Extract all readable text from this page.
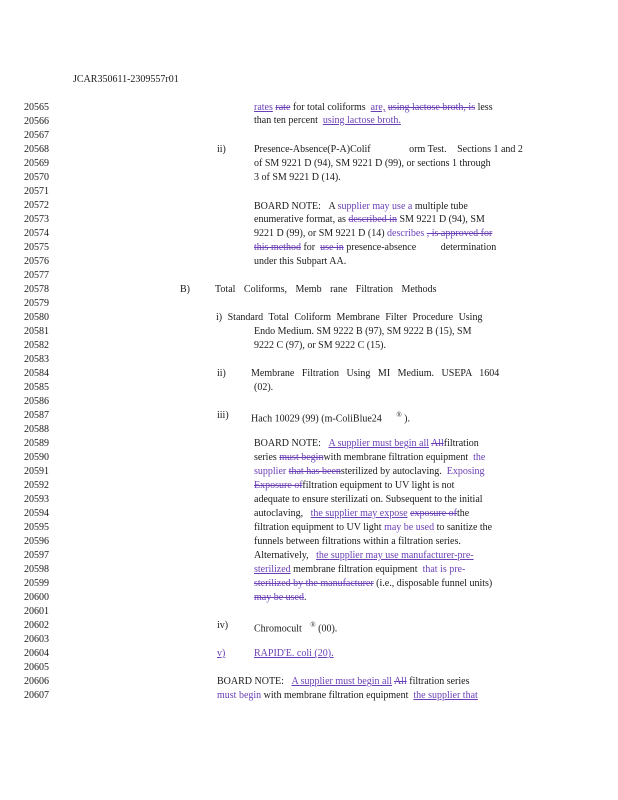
JCAR350611-2309557r01
20565
20566
20567
20568
20569
20570
20571
20572
20573
20574
20575
20576
20577
20578
20579
20580
20581
20582
20583
20584
20585
20586
20587
20588
20589
20590
20591
20592
20593
20594
20595
20596
20597
20598
20599
20600
20601
20602
20603
20604
20605
20606
20607
rates rate for total coliforms are, using lactose broth, is less
than ten percent using lactose broth.
ii)	Presence-Absence(P-A)Colif	orm Test. Sections 1 and 2
of SM 9221 D (94), SM 9221 D (99), or sections 1 through
3 of SM 9221 D (14).
BOARD NOTE: A supplier may use a multiple tube
enumerative format, as described in SM 9221 D (94), SM
9221 D (99), or SM 9221 D (14) describes , is approved for
this method for use in presence-absence determination
under this Subpart AA.
B)	Total Coliforms, Memb rane Filtration Methods
i) Standard Total Coliform Membrane Filter Procedure Using
Endo Medium. SM 9222 B (97), SM 9222 B (15), SM
9222 C (97), or SM 9222 C (15).
ii)	Membrane Filtration Using MI Medium. USEPA 1604
(02).
iii) Hach 10029 (99) (m-ColiBlue24 ® ).
BOARD NOTE: A supplier must begin all Allfiltration
series must beginwith membrane filtration equipment the
supplier that has beensterilized by autoclaving. Exposing
Exposure offiltration equipment to UV light is not
adequate to ensure sterilizati on. Subsequent to the initial
autoclaving, the supplier may expose exposure ofthe
filtration equipment to UV light may be used to sanitize the
funnels between filtrations within a filtration series.
Alternatively, the supplier may use manufacturer-pre-
sterilized membrane filtration equipment that is pre-
sterilized by the manufacturer (i.e., disposable funnel units)
may be used.
iv)	Chromocult ® (00).
v)	RAPID'E. coli (20).
BOARD NOTE: A supplier must begin all All filtration series
must begin with membrane filtration equipment the supplier that
